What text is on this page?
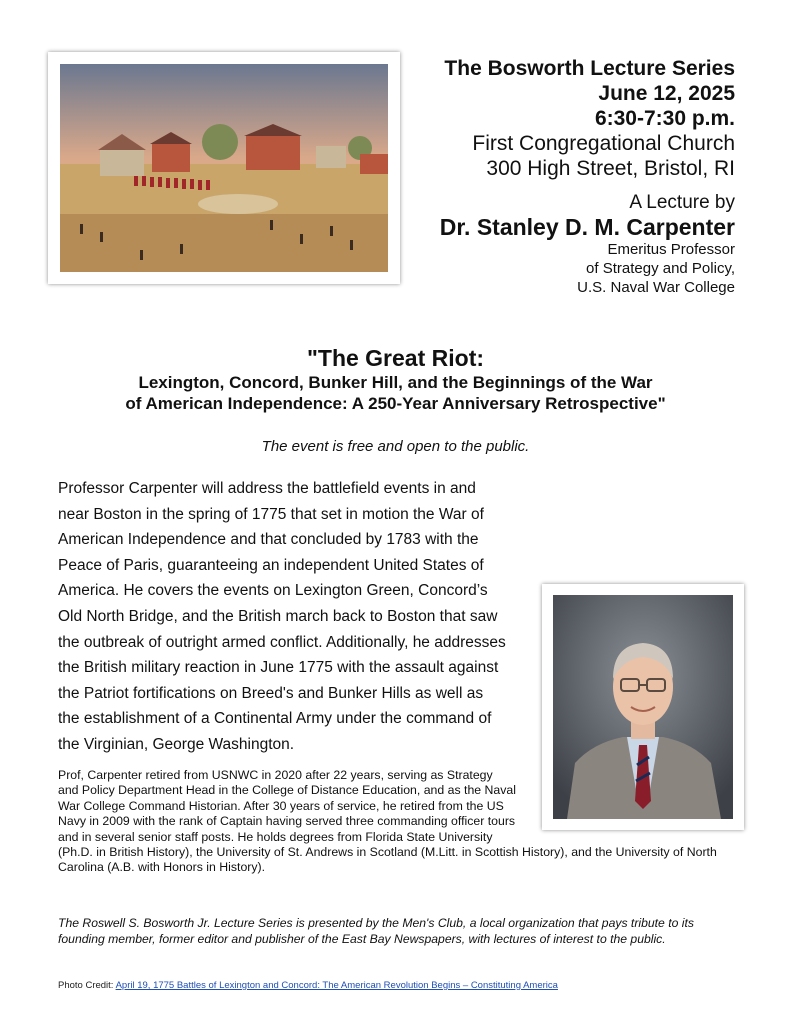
The Bosworth Lecture Series
June 12, 2025
6:30-7:30 p.m.
First Congregational Church
300 High Street, Bristol, RI
A Lecture by
Dr. Stanley D. M. Carpenter
Emeritus Professor
of Strategy and Policy,
U.S. Naval War College
"The Great Riot:
Lexington, Concord, Bunker Hill, and the Beginnings of the War
of American Independence: A 250-Year Anniversary Retrospective"
The event is free and open to the public.
Professor Carpenter will address the battlefield events in and near Boston in the spring of 1775 that set in motion the War of American Independence and that concluded by 1783 with the Peace of Paris, guaranteeing an independent United States of America. He covers the events on Lexington Green, Concord’s Old North Bridge, and the British march back to Boston that saw the outbreak of outright armed conflict. Additionally, he addresses the British military reaction in June 1775 with the assault against the Patriot fortifications on Breed's and Bunker Hills as well as the establishment of a Continental Army under the command of the Virginian, George Washington.
Prof, Carpenter retired from USNWC in 2020 after 22 years, serving as Strategy and Policy Department Head in the College of Distance Education, and as the Naval War College Command Historian. After 30 years of service, he retired from the US Navy in 2009 with the rank of Captain having served three commanding officer tours and in several senior staff posts. He holds degrees from Florida State University (Ph.D. in British History), the University of St. Andrews in Scotland (M.Litt. in Scottish History), and the University of North Carolina (A.B. with Honors in History).
The Roswell S. Bosworth Jr. Lecture Series is presented by the Men's Club, a local organization that pays tribute to its founding member, former editor and publisher of the East Bay Newspapers, with lectures of interest to the public.
Photo Credit: April 19, 1775 Battles of Lexington and Concord: The American Revolution Begins – Constituting America
